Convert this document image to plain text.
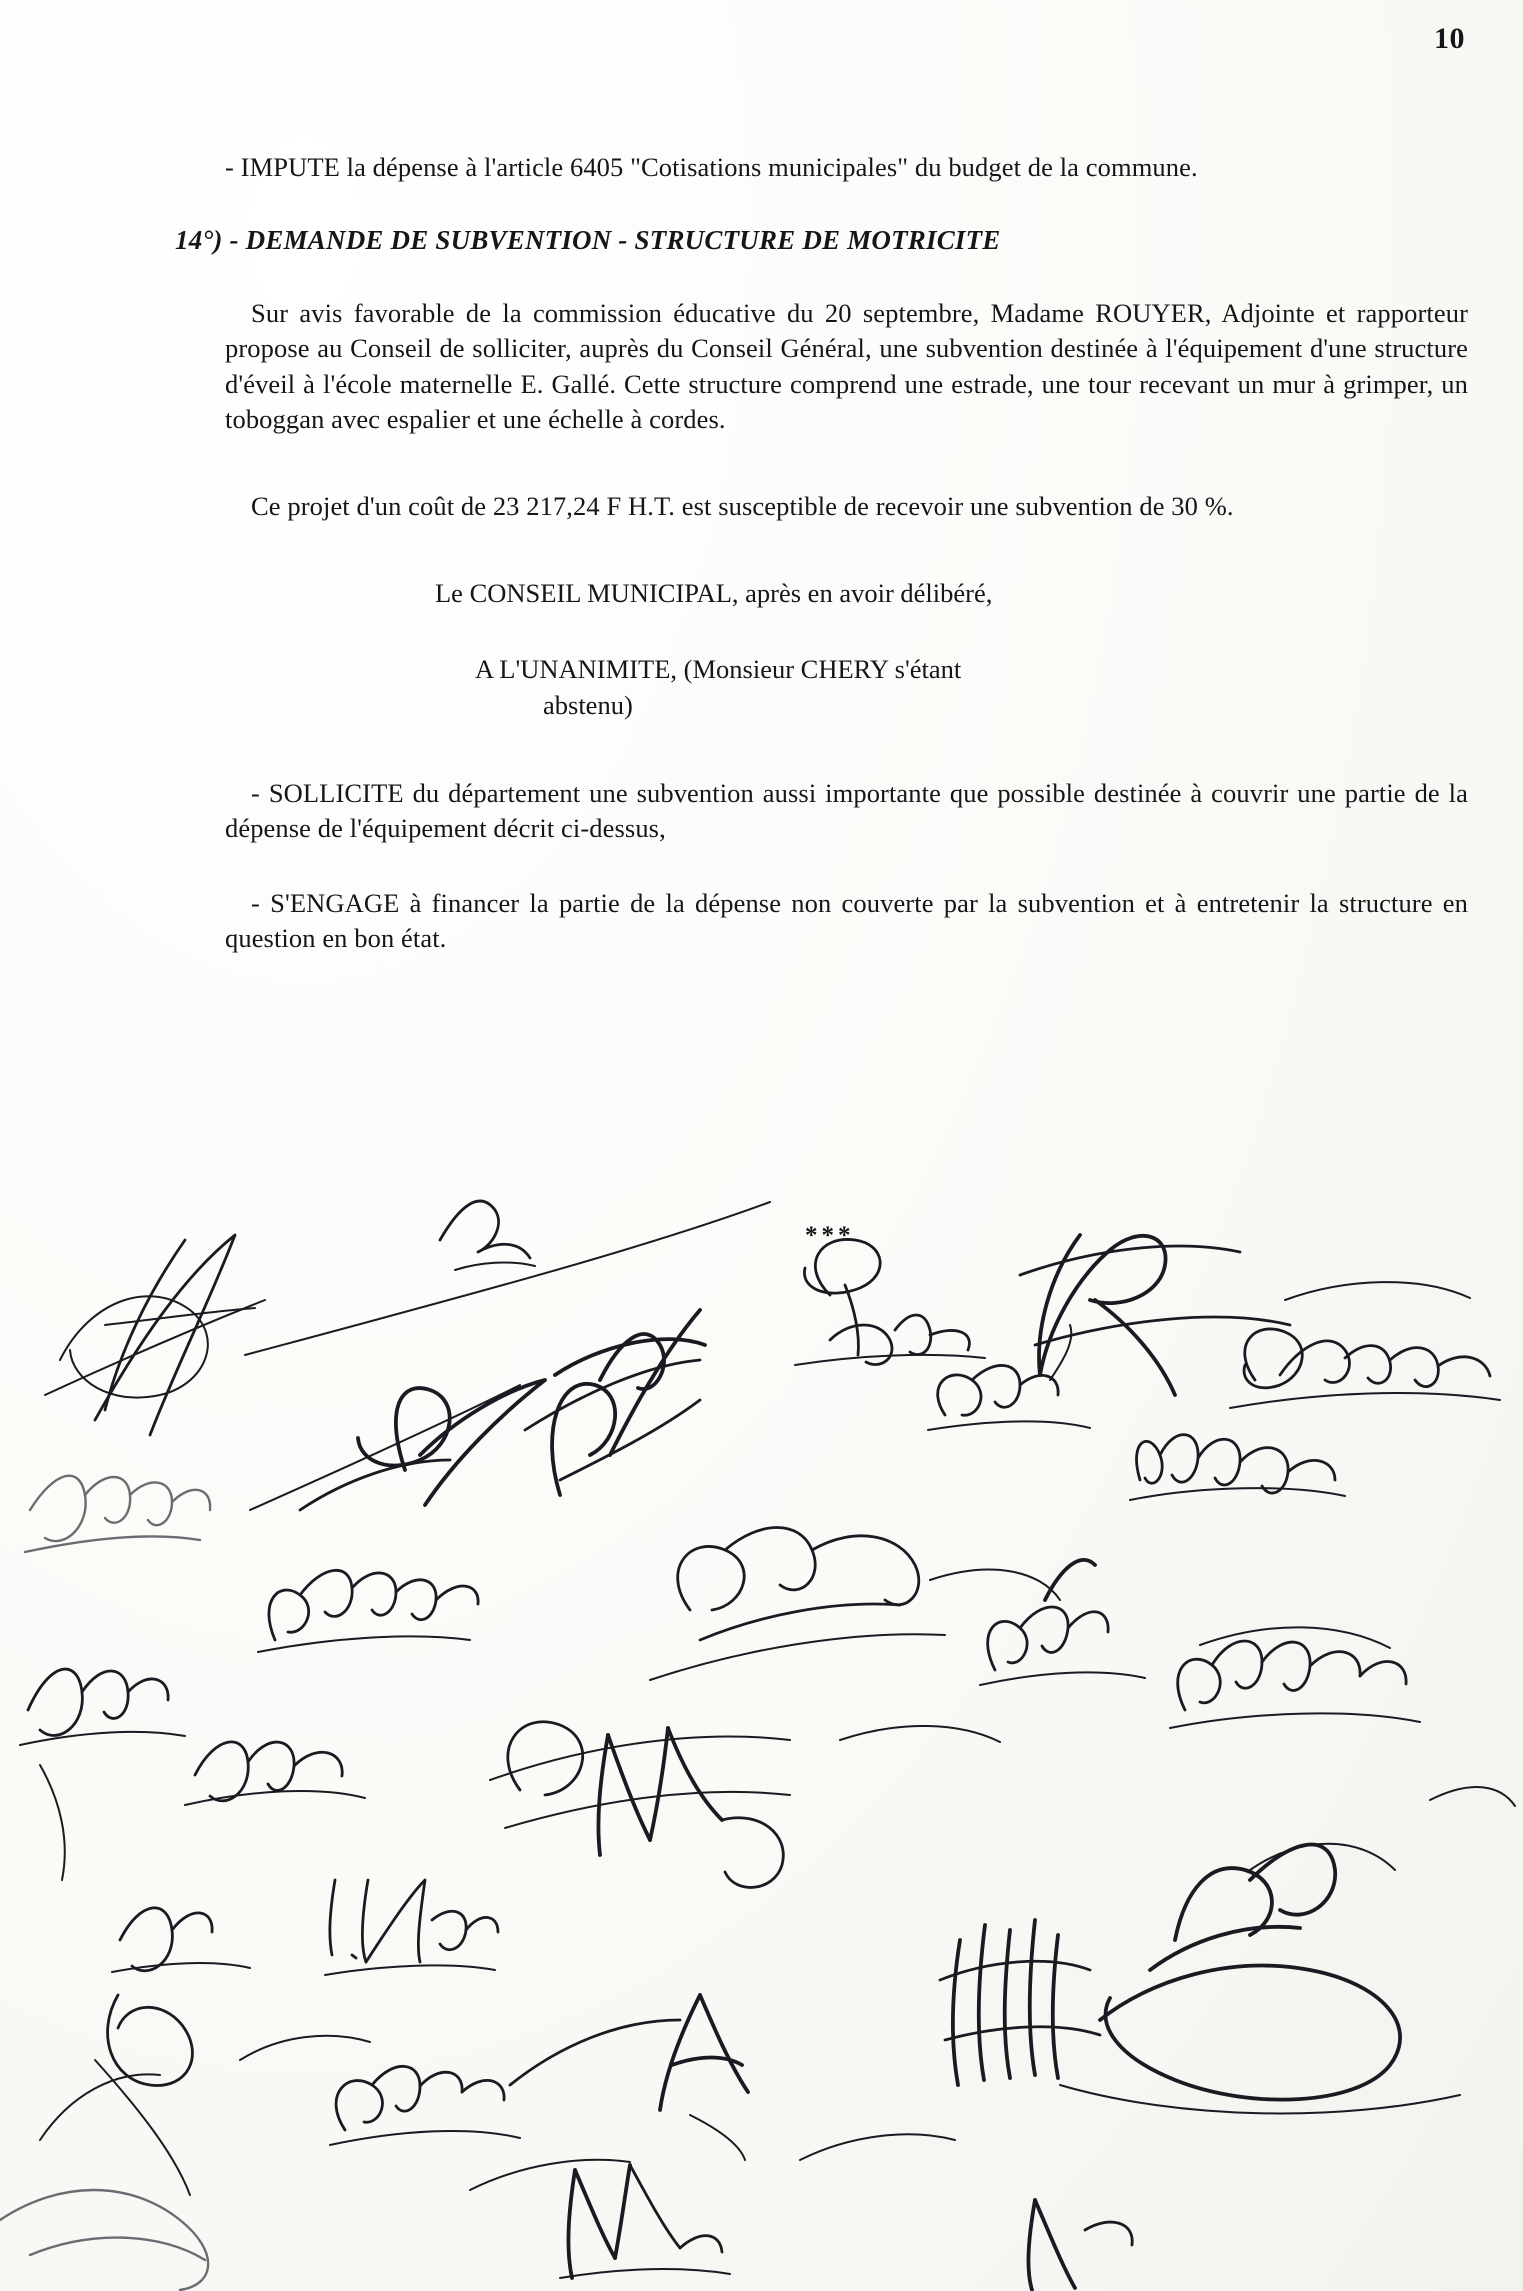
10

- IMPUTE la dépense à l'article 6405 "Cotisations municipales" du budget de la commune.

14°) - DEMANDE DE SUBVENTION - STRUCTURE DE MOTRICITE

Sur avis favorable de la commission éducative du 20 septembre, Madame ROUYER, Adjointe et rapporteur propose au Conseil de solliciter, auprès du Conseil Général, une subvention destinée à l'équipement d'une structure d'éveil à l'école maternelle E. Gallé. Cette structure comprend une estrade, une tour recevant un mur à grimper, un toboggan avec espalier et une échelle à cordes.

Ce projet d'un coût de 23 217,24 F H.T. est susceptible de recevoir une subvention de 30 %.

Le CONSEIL MUNICIPAL, après en avoir délibéré,
A L'UNANIMITE, (Monsieur CHERY s'étant
abstenu)

- SOLLICITE du département une subvention aussi importante que possible destinée à couvrir une partie de la dépense de l'équipement décrit ci-dessus,

- S'ENGAGE à financer la partie de la dépense non couverte par la subvention et à entretenir la structure en question en bon état.

***
